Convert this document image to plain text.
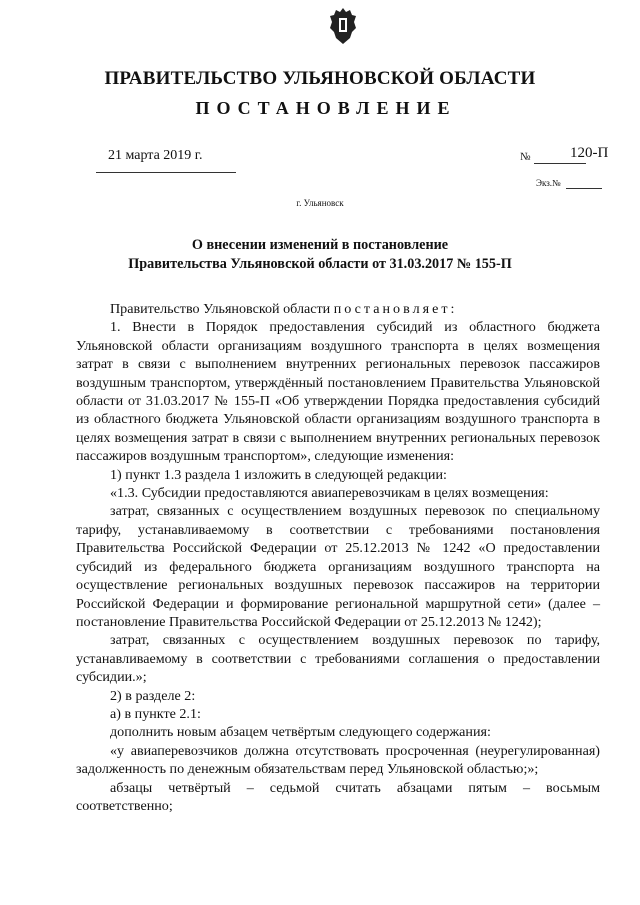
ПРАВИТЕЛЬСТВО УЛЬЯНОВСКОЙ ОБЛАСТИ
ПОСТАНОВЛЕНИЕ
21 марта 2019 г.	№	120-П
Экз.№
г. Ульяновск
О внесении изменений в постановление
Правительства Ульяновской области от 31.03.2017 № 155-П

Правительство Ульяновской области постановляет:

1. Внести в Порядок предоставления субсидий из областного бюджета Ульяновской области организациям воздушного транспорта в целях возмещения затрат в связи с выполнением внутренних региональных перевозок пассажиров воздушным транспортом, утверждённый постановлением Правительства Ульяновской области от 31.03.2017 № 155-П «Об утверждении Порядка предоставления субсидий из областного бюджета Ульяновской области организациям воздушного транспорта в целях возмещения затрат в связи с выполнением внутренних региональных перевозок пассажиров воздушным транспортом», следующие изменения:

1) пункт 1.3 раздела 1 изложить в следующей редакции:

«1.3. Субсидии предоставляются авиаперевозчикам в целях возмещения:

затрат, связанных с осуществлением воздушных перевозок по специальному тарифу, устанавливаемому в соответствии с требованиями постановления Правительства Российской Федерации от 25.12.2013 № 1242 «О предоставлении субсидий из федерального бюджета организациям воздушного транспорта на осуществление региональных воздушных перевозок пассажиров на территории Российской Федерации и формирование региональной маршрутной сети» (далее – постановление Правительства Российской Федерации от 25.12.2013 № 1242);

затрат, связанных с осуществлением воздушных перевозок по тарифу, устанавливаемому в соответствии с требованиями соглашения о предоставлении субсидии.»;

2) в разделе 2:

а) в пункте 2.1:

дополнить новым абзацем четвёртым следующего содержания:

«у авиаперевозчиков должна отсутствовать просроченная (неурегулированная) задолженность по денежным обязательствам перед Ульяновской областью;»;

абзацы четвёртый – седьмой считать абзацами пятым – восьмым соответственно;
